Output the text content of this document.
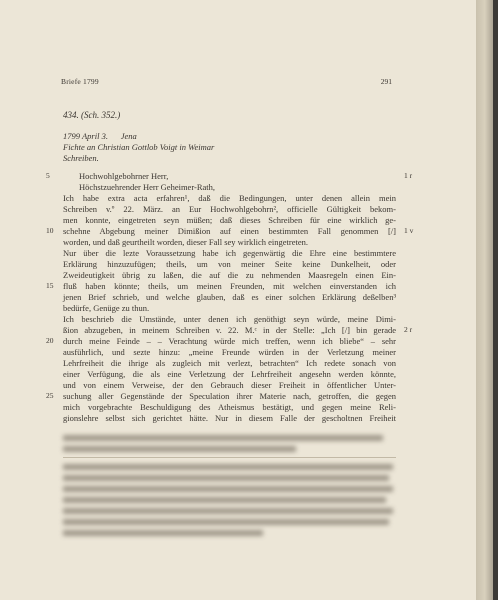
Briefe 1799	291
434. (Sch. 352.)
1799 April 3.      Jena
Fichte an Christian Gottlob Voigt in Weimar
Schreiben.
Hochwohlgebohrner Herr,
Höchstzuehrender Herr Geheimer-Rath,
Ich habe extra acta erfahren¹, daß die Bedingungen, unter denen allein mein
Schreiben v.º 22. März. an Eur Hochwohlgebohrn², officielle Gültigkeit bekom-
men konnte, eingetreten seyn müßen; daß dieses Schreiben für eine wirklich ge-
schehne Abgebung meiner Dimißion auf einen bestimmten Fall genommen [/]
worden, und daß geurtheilt worden, dieser Fall sey wirklich eingetreten.
Nur über die lezte Voraussetzung habe ich gegenwärtig die Ehre eine bestimmtere
Erklärung hinzuzufügen; theils, um von meiner Seite keine Dunkelheit, oder
Zweideutigkeit übrig zu laßen, die auf die zu nehmenden Maasregeln einen Ein-
fluß haben könnte; theils, um meinen Freunden, mit welchen einverstanden ich
jenen Brief schrieb, und welche glauben, daß es einer solchen Erklärung deßelben³
bedürfe, Genüge zu thun.
Ich beschrieb die Umstände, unter denen ich genöthigt seyn würde, meine Dimi-
ßion abzugeben, in meinem Schreiben v. 22. M.ᶜ in der Stelle: „Ich [/] bin gerade
durch meine Feinde – – Verachtung würde mich treffen, wenn ich bliebe“ – sehr
ausführlich, und sezte hinzu: „meine Freunde würden in der Verletzung meiner
Lehrfreiheit die ihrige als zugleich mit verlezt, betrachten“ Ich redete sonach von
einer Verfügung, die als eine Verletzung der Lehrfreiheit angesehn werden könnte,
und von einem Verweise, der den Gebrauch dieser Freiheit in öffentlicher Unter-
suchung aller Gegenstände der Speculation ihrer Materie nach, getroffen, die gegen
mich vorgebrachte Beschuldigung des Atheismus bestätigt, und gegen meine Reli-
gionslehre selbst sich gerichtet hätte. Nur in diesem Falle der gescholtnen Freiheit
5
10
15
20
25
1 r
1 v
2 r
